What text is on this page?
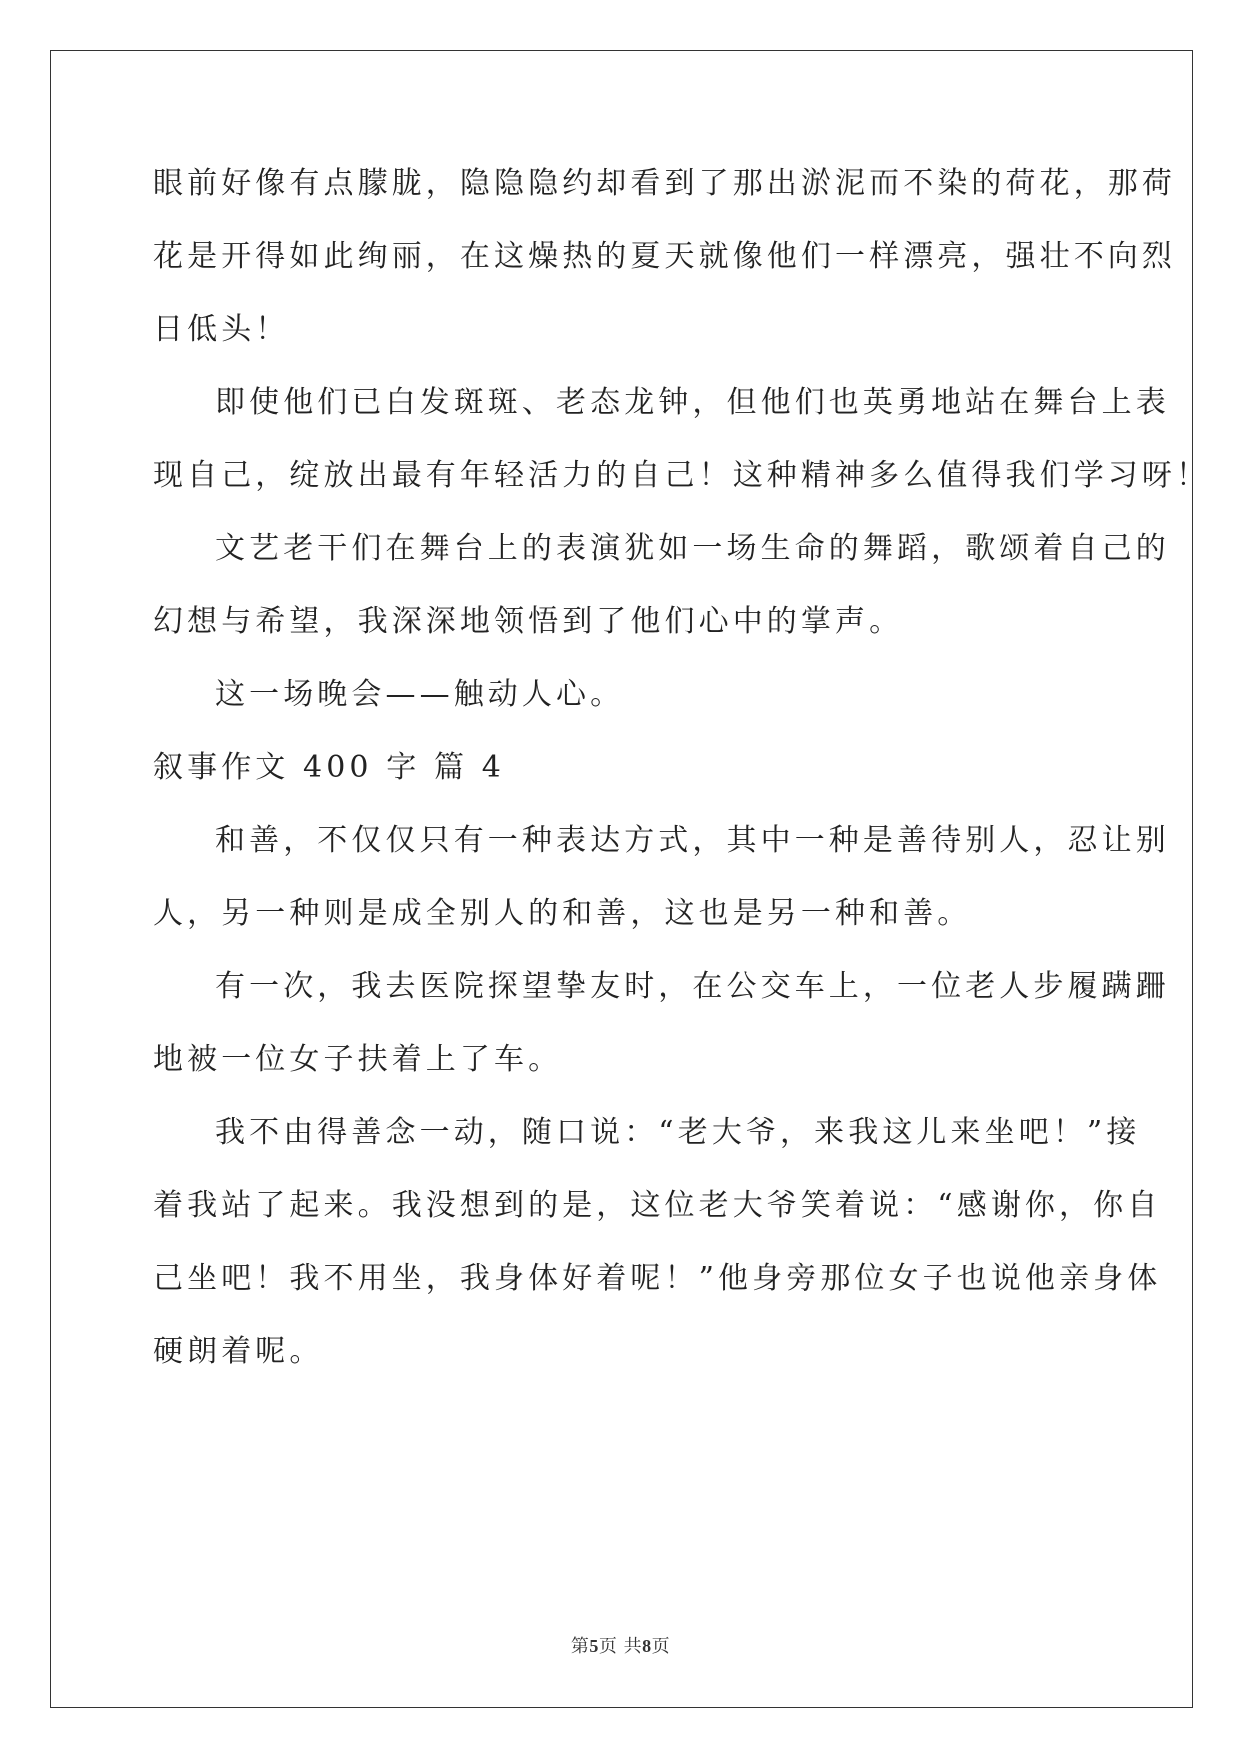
眼前好像有点朦胧，隐隐隐约却看到了那出淤泥而不染的荷花，那荷
花是开得如此绚丽，在这燥热的夏天就像他们一样漂亮，强壮不向烈
日低头！
即使他们已白发斑斑、老态龙钟，但他们也英勇地站在舞台上表
现自己，绽放出最有年轻活力的自己！这种精神多么值得我们学习呀！
文艺老干们在舞台上的表演犹如一场生命的舞蹈，歌颂着自己的
幻想与希望，我深深地领悟到了他们心中的掌声。
这一场晚会——触动人心。
叙事作文 400 字 篇 4
和善，不仅仅只有一种表达方式，其中一种是善待别人，忍让别
人，另一种则是成全别人的和善，这也是另一种和善。
有一次，我去医院探望挚友时，在公交车上，一位老人步履蹒跚
地被一位女子扶着上了车。
我不由得善念一动，随口说：“老大爷，来我这儿来坐吧！”接
着我站了起来。我没想到的是，这位老大爷笑着说：“感谢你，你自
己坐吧！我不用坐，我身体好着呢！”他身旁那位女子也说他亲身体
硬朗着呢。
第5页 共8页
